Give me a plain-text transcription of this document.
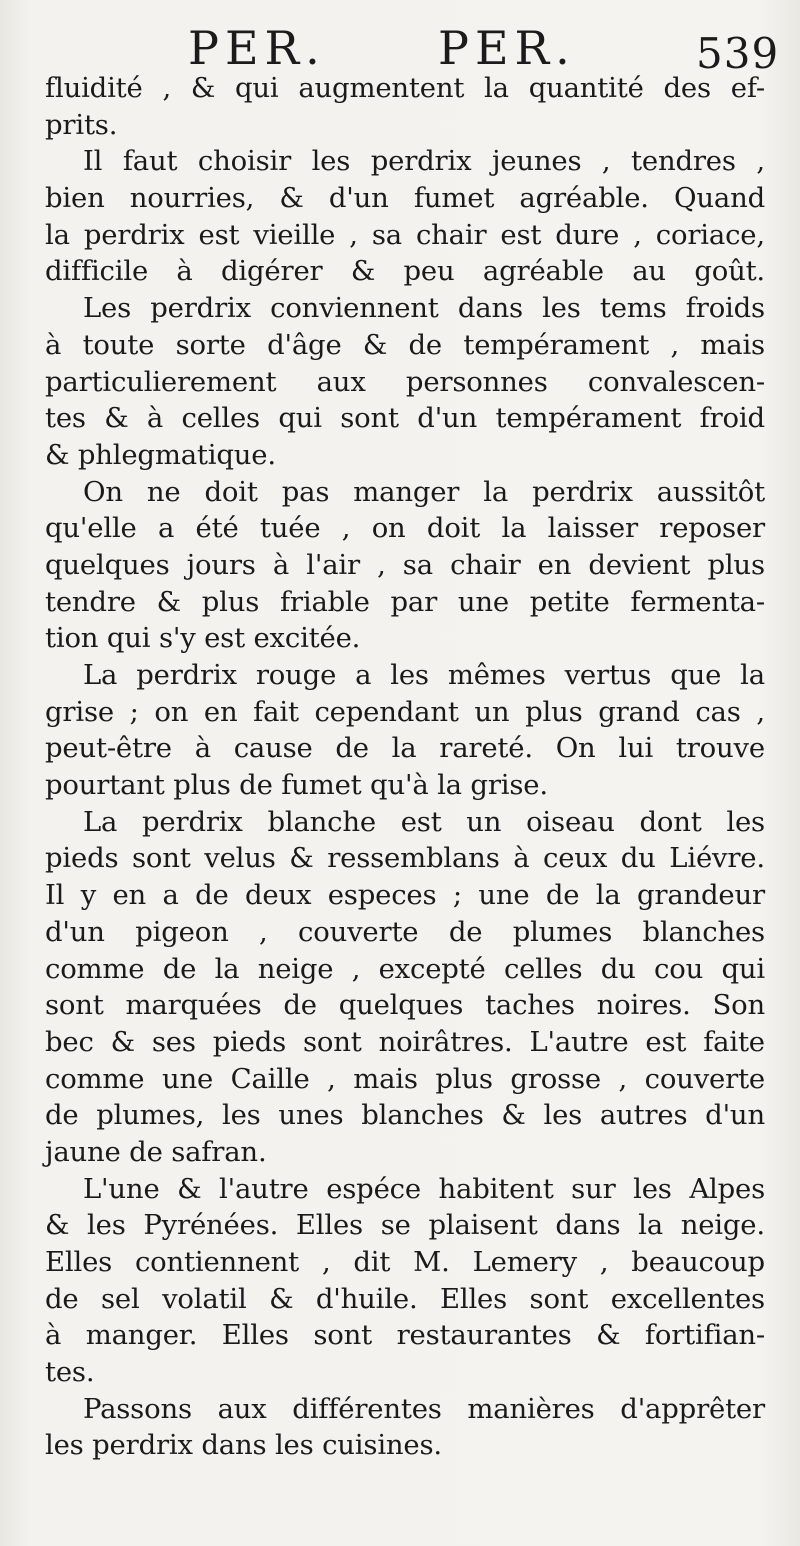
PER. PER.	539
fluidité , & qui augmentent la quantité des ef-
prits.
Il faut choisir les perdrix jeunes , tendres ,
bien nourries, & d'un fumet agréable. Quand
la perdrix est vieille , sa chair est dure , coriace,
difficile à digérer & peu agréable au goût.
Les perdrix conviennent dans les tems froids
à toute sorte d'âge & de tempérament , mais
particulierement aux personnes convalescen-
tes & à celles qui sont d'un tempérament froid
& phlegmatique.
On ne doit pas manger la perdrix aussitôt
qu'elle a été tuée , on doit la laisser reposer
quelques jours à l'air , sa chair en devient plus
tendre & plus friable par une petite fermenta-
tion qui s'y est excitée.
La perdrix rouge a les mêmes vertus que la
grise ; on en fait cependant un plus grand cas ,
peut-être à cause de la rareté. On lui trouve
pourtant plus de fumet qu'à la grise.
La perdrix blanche est un oiseau dont les
pieds sont velus & ressemblans à ceux du Liévre.
Il y en a de deux especes ; une de la grandeur
d'un pigeon , couverte de plumes blanches
comme de la neige , excepté celles du cou qui
sont marquées de quelques taches noires. Son
bec & ses pieds sont noirâtres. L'autre est faite
comme une Caille , mais plus grosse , couverte
de plumes, les unes blanches & les autres d'un
jaune de safran.
L'une & l'autre espéce habitent sur les Alpes
& les Pyrénées. Elles se plaisent dans la neige.
Elles contiennent , dit M. Lemery , beaucoup
de sel volatil & d'huile. Elles sont excellentes
à manger. Elles sont restaurantes & fortifian-
tes.
Passons aux différentes manières d'apprêter
les perdrix dans les cuisines.
